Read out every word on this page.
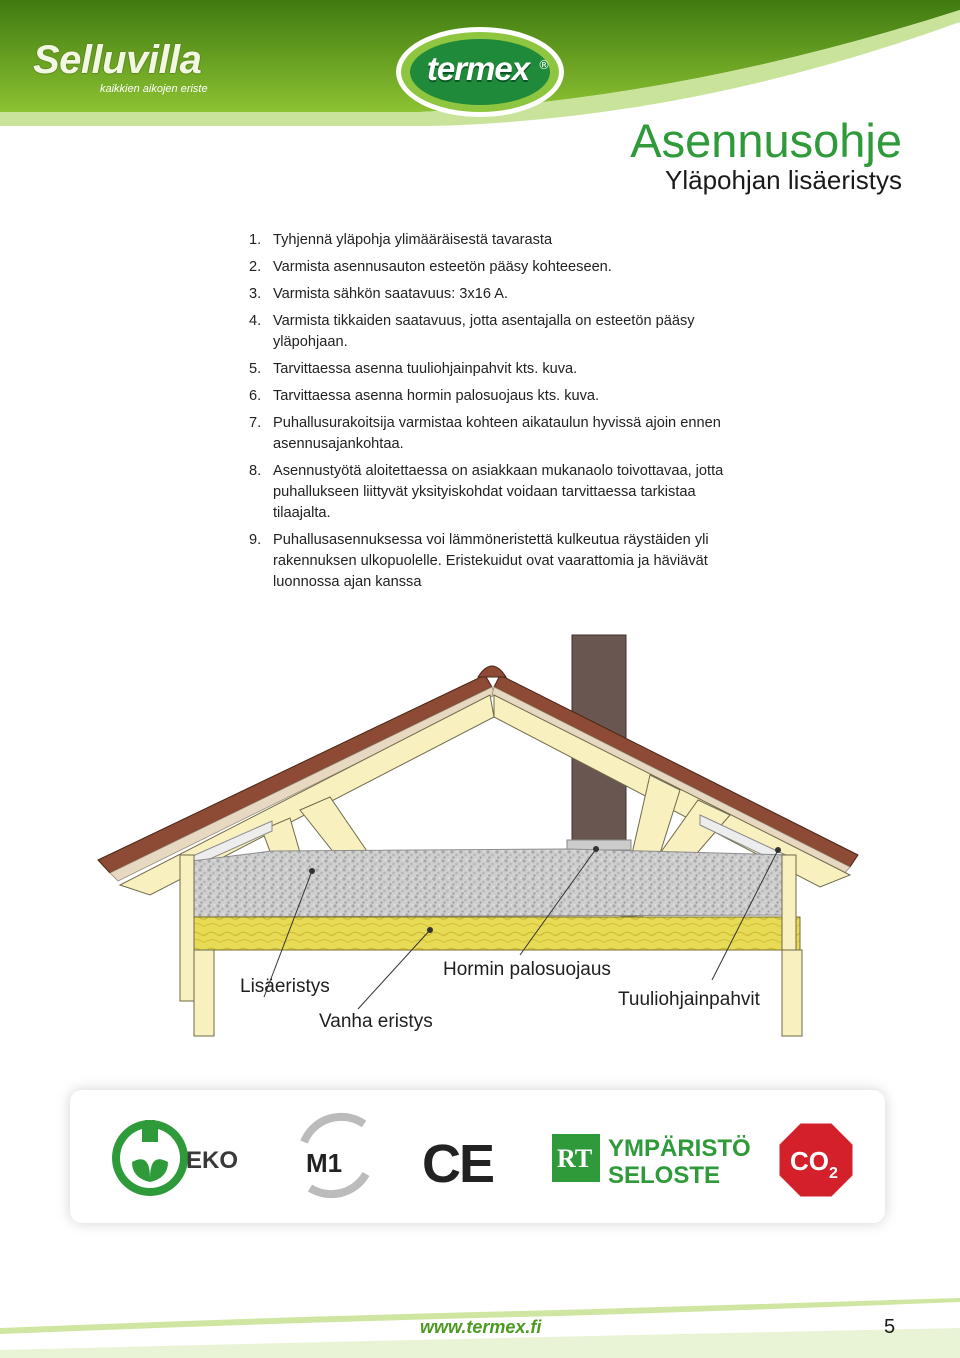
Selluvilla
kaikkien aikojen eriste
termex ®
Asennusohje
Yläpohjan lisäeristys
1. Tyhjennä yläpohja ylimääräisestä tavarasta
2. Varmista asennusauton esteetön pääsy kohteeseen.
3. Varmista sähkön saatavuus: 3x16 A.
4. Varmista tikkaiden saatavuus, jotta asentajalla on esteetön pääsy yläpohjaan.
5. Tarvittaessa asenna tuuliohjainpahvit kts. kuva.
6. Tarvittaessa asenna hormin palosuojaus kts. kuva.
7. Puhallusurakoitsija varmistaa kohteen aikataulun hyvissä ajoin ennen asennusajankohtaa.
8. Asennustyötä aloitettaessa on asiakkaan mukanaolo toivottavaa, jotta puhallukseen liittyvät yksityiskohdat voidaan tarvittaessa tarkistaa tilaajalta.
9. Puhallusasennuksessa voi lämmöneristettä kulkeutua räystäiden yli rakennuksen ulkopuolelle. Eristekuidut ovat vaarattomia ja häviävät luonnossa ajan kanssa
Lisäeristys
Vanha eristys
Hormin palosuojaus
Tuuliohjainpahvit
EKO	M1 CE RT YMPÄRISTÖ
SELOSTE	CO 2
www.termex.fi	5
